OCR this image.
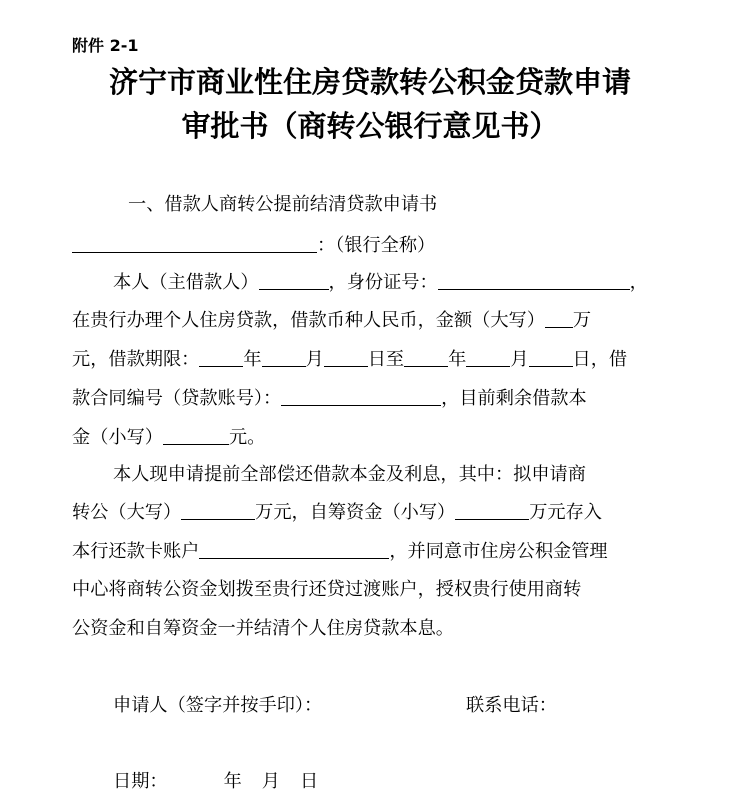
附件 2-1
济宁市商业性住房贷款转公积金贷款申请
审批书（商转公银行意见书）
一、借款人商转公提前结清贷款申请书
：（银行全称）
本人（主借款人）	，身份证号：	，
在贵行办理个人住房贷款，借款币种人民币，金额（大写） 万
元，借款期限： 年 月 日至 年 月 日，借
款合同编号（贷款账号）：	，目前剩余借款本
金（小写）	元。
本人现申请提前全部偿还借款本金及利息，其中：拟申请商
转公（大写）	万元，自筹资金（小写）	万元存入
本行还款卡账户	，并同意市住房公积金管理
中心将商转公资金划拨至贵行还贷过渡账户，授权贵行使用商转
公资金和自筹资金一并结清个人住房贷款本息。
申请人（签字并按手印）：	联系电话：
日期：	年 月 日
